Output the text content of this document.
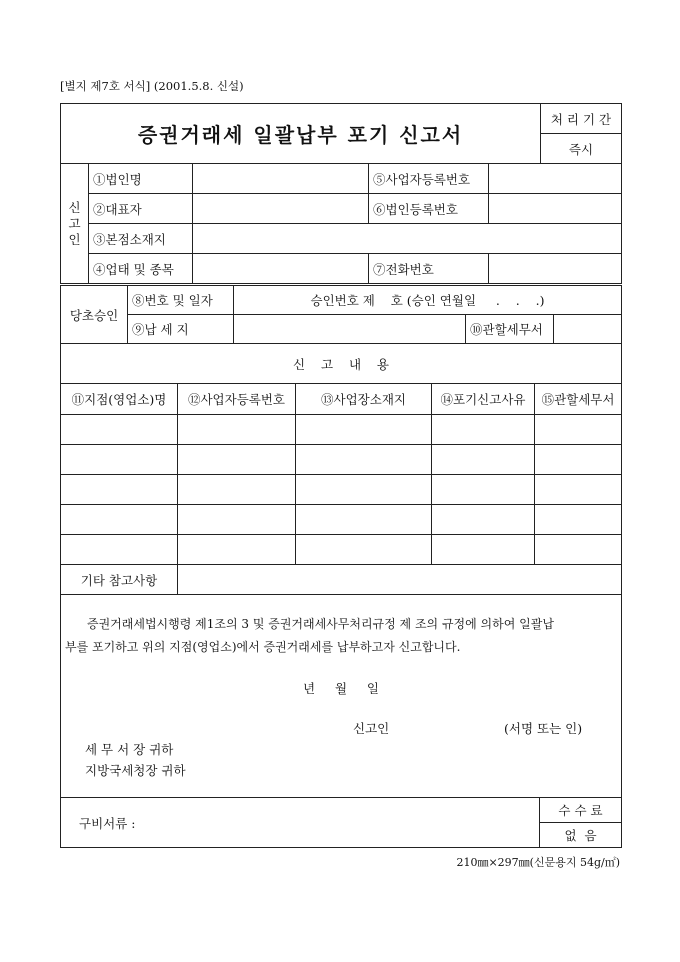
[별지 제7호 서식] (2001.5.8. 신설)
증권거래세 일괄납부 포기 신고서					처 리 기 간
					즉시
신
고
인	①법인명		⑤사업자등록번호		
	②대표자		⑥법인등록번호		
	③본점소재지				
	④업태 및 종목		⑦전화번호		
당초승인	⑧번호 및 일자	승인번호 제    호 (승인 연월일     .    .    .)		
	⑨납 세 지		⑩관할세무서	
신    고    내    용				
⑪지점(영업소)명	⑫사업자등록번호	⑬사업장소재지	⑭포기신고사유	⑮관할세무서

기타 참고사항				

증권거래세법시행령 제1조의 3 및 증권거래세사무처리규정 제 조의 규정에 의하여 일괄납

부를 포기하고 위의 지점(영업소)에서 증권거래세를 납부하고자 신고합니다.

년     월     일
신고인	(서명 또는 인)
세 무 서 장 귀하
지방국세청장 귀하

구비서류 :	수 수 료
없  음
210㎜×297㎜(신문용지 54g/㎡)
